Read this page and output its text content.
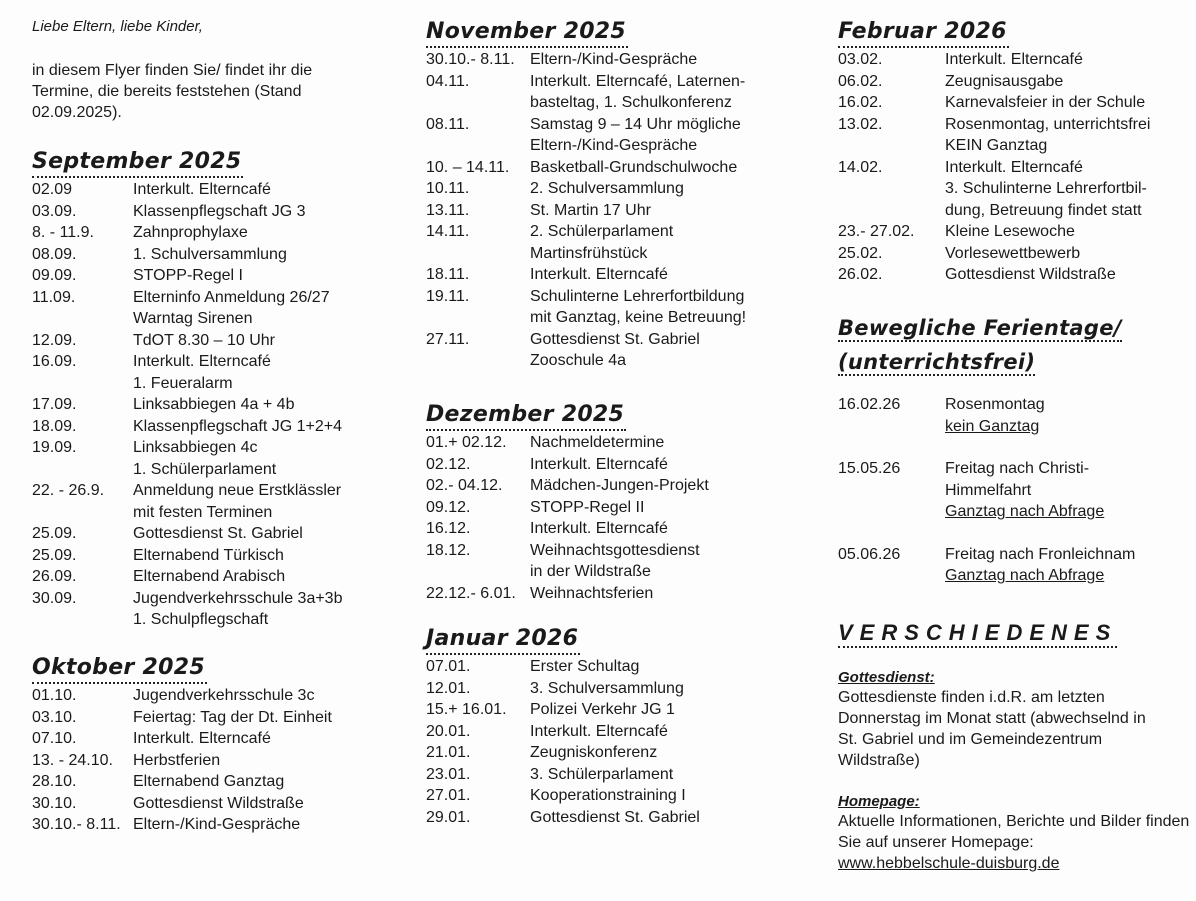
Liebe Eltern, liebe Kinder,
in diesem Flyer finden Sie/ findet ihr die Termine, die bereits feststehen (Stand 02.09.2025).
September 2025
02.09	Interkult. Elterncafé
03.09.	Klassenpflegschaft JG 3
8. - 11.9.	Zahnprophylaxe
08.09.	1. Schulversammlung
09.09.	STOPP-Regel I
11.09.	Elterninfo Anmeldung 26/27
Warntag Sirenen
12.09.	TdOT 8.30 – 10 Uhr
16.09.	Interkult. Elterncafé
1. Feueralarm
17.09.	Linksabbiegen 4a + 4b
18.09.	Klassenpflegschaft JG 1+2+4
19.09.	Linksabbiegen 4c
1. Schülerparlament
22. - 26.9.	Anmeldung neue Erstklässler
mit festen Terminen
25.09.	Gottesdienst St. Gabriel
25.09.	Elternabend Türkisch
26.09.	Elternabend Arabisch
30.09.	Jugendverkehrsschule 3a+3b
1. Schulpflegschaft
Oktober 2025
01.10.	Jugendverkehrsschule 3c
03.10.	Feiertag: Tag der Dt. Einheit
07.10.	Interkult. Elterncafé
13. - 24.10.	Herbstferien
28.10.	Elternabend Ganztag
30.10.	Gottesdienst Wildstraße
30.10.- 8.11. Eltern-/Kind-Gespräche
November 2025
30.10.- 8.11. Eltern-/Kind-Gespräche
04.11.	Interkult. Elterncafé, Laternen-
basteltag, 1. Schulkonferenz
08.11.	Samstag 9 – 14 Uhr mögliche
Eltern-/Kind-Gespräche
10. – 14.11.	Basketball-Grundschulwoche
10.11.	2. Schulversammlung
13.11.	St. Martin 17 Uhr
14.11.	2. Schülerparlament
Martinsfrühstück
18.11.	Interkult. Elterncafé
19.11.	Schulinterne Lehrerfortbildung
mit Ganztag, keine Betreuung!
27.11.	Gottesdienst St. Gabriel
Zooschule 4a
Dezember 2025
01.+ 02.12.	Nachmeldetermine
02.12.	Interkult. Elterncafé
02.- 04.12.	Mädchen-Jungen-Projekt
09.12.	STOPP-Regel II
16.12.	Interkult. Elterncafé
18.12.	Weihnachtsgottesdienst
in der Wildstraße
22.12.- 6.01. Weihnachtsferien
Januar 2026
07.01.	Erster Schultag
12.01.	3. Schulversammlung
15.+ 16.01.	Polizei Verkehr JG 1
20.01.	Interkult. Elterncafé
21.01.	Zeugniskonferenz
23.01.	3. Schülerparlament
27.01.	Kooperationstraining I
29.01.	Gottesdienst St. Gabriel
Februar 2026
03.02.	Interkult. Elterncafé
06.02.	Zeugnisausgabe
16.02.	Karnevalsfeier in der Schule
13.02.	Rosenmontag, unterrichtsfrei
KEIN Ganztag
14.02.	Interkult. Elterncafé
3. Schulinterne Lehrerfortbil-
dung, Betreuung findet statt
23.- 27.02.	Kleine Lesewoche
25.02.	Vorlesewettbewerb
26.02.	Gottesdienst Wildstraße
Bewegliche Ferientage/
(unterrichtsfrei)
16.02.26	Rosenmontag
kein Ganztag
15.05.26	Freitag nach Christi-
Himmelfahrt
Ganztag nach Abfrage
05.06.26	Freitag nach Fronleichnam
Ganztag nach Abfrage
VERSCHIEDENES
Gottesdienst:
Gottesdienste finden i.d.R. am letzten Donnerstag im Monat statt (abwechselnd in St. Gabriel und im Gemeindezentrum Wildstraße)
Homepage:
Aktuelle Informationen, Berichte und Bilder finden Sie auf unserer Homepage:
www.hebbelschule-duisburg.de
